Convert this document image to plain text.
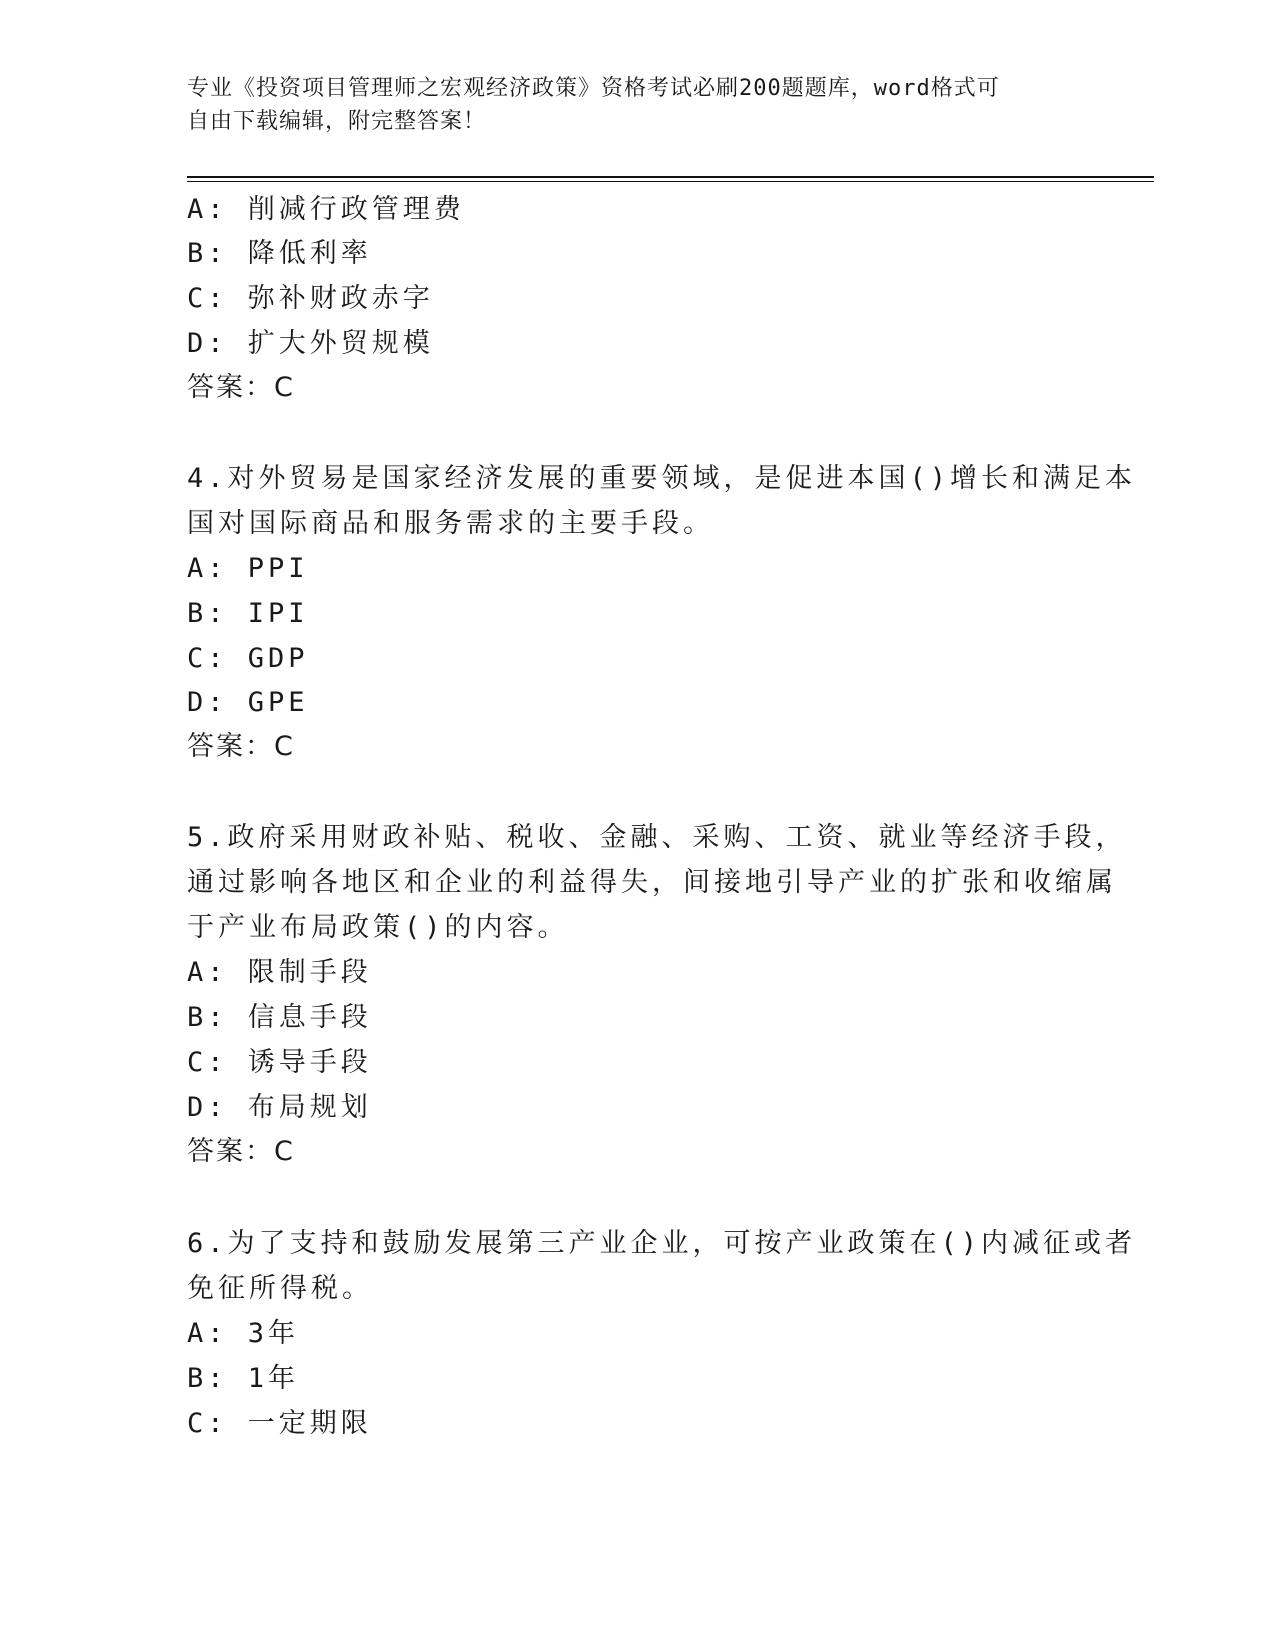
专业《投资项目管理师之宏观经济政策》资格考试必刷200题题库，word格式可
自由下载编辑，附完整答案！
A: 削减行政管理费
B: 降低利率
C: 弥补财政赤字
D: 扩大外贸规模
答案：C
4.对外贸易是国家经济发展的重要领域，是促进本国()增长和满足本
国对国际商品和服务需求的主要手段。
A: PPI
B: IPI
C: GDP
D: GPE
答案：C
5.政府采用财政补贴、税收、金融、采购、工资、就业等经济手段，
通过影响各地区和企业的利益得失，间接地引导产业的扩张和收缩属
于产业布局政策()的内容。
A: 限制手段
B: 信息手段
C: 诱导手段
D: 布局规划
答案：C
6.为了支持和鼓励发展第三产业企业，可按产业政策在()内减征或者
免征所得税。
A: 3年
B: 1年
C: 一定期限
